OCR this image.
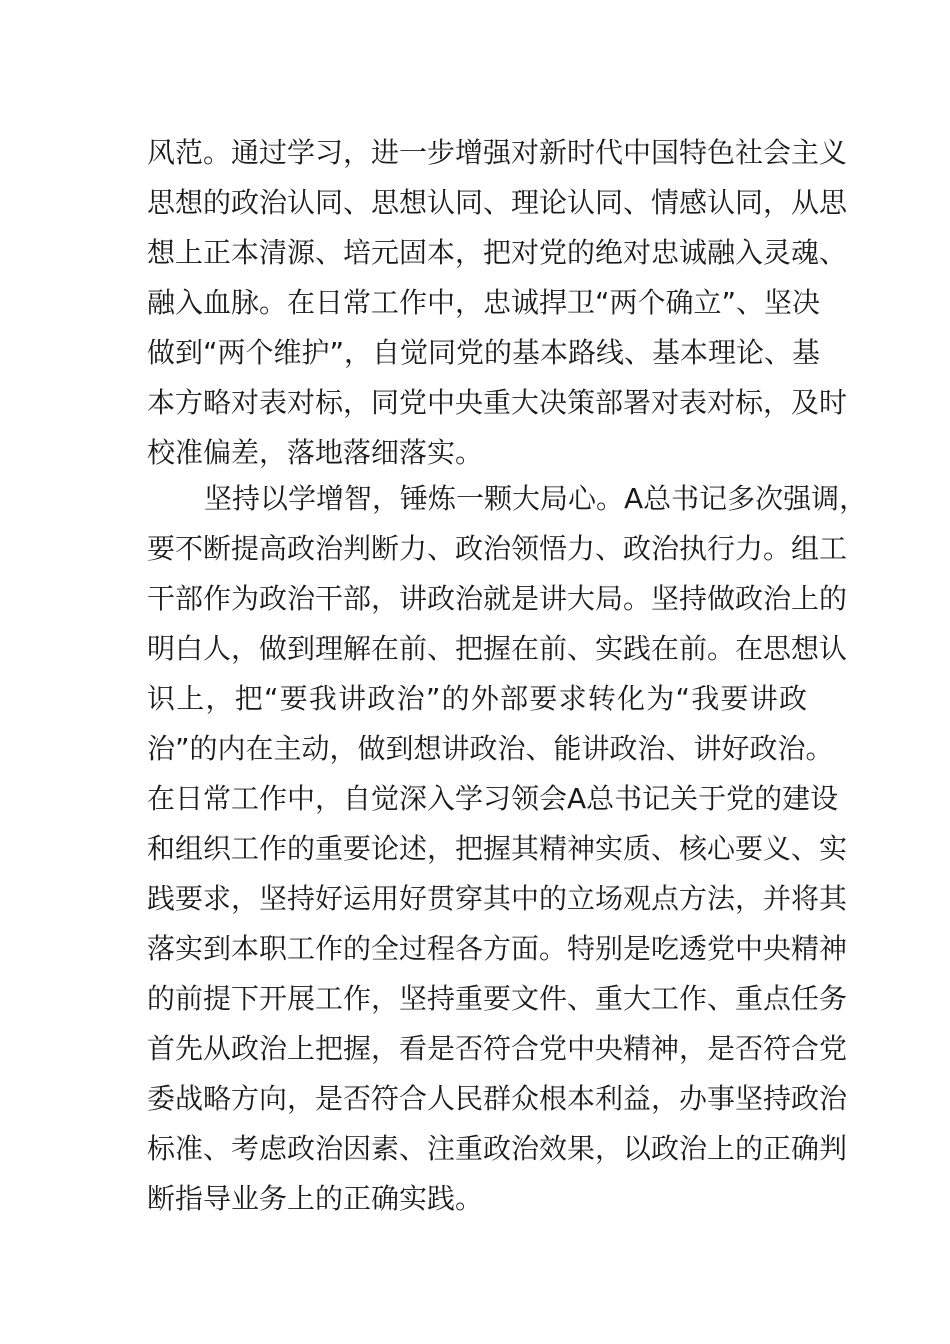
风范。通过学习，进一步增强对新时代中国特色社会主义
思想的政治认同、思想认同、理论认同、情感认同，从思
想上正本清源、培元固本，把对党的绝对忠诚融入灵魂、
融入血脉。在日常工作中，忠诚捍卫“两个确立”、坚决
做到“两个维护”，自觉同党的基本路线、基本理论、基
本方略对表对标，同党中央重大决策部署对表对标，及时
校准偏差，落地落细落实。
坚持以学增智，锤炼一颗大局心。A总书记多次强调，
要不断提高政治判断力、政治领悟力、政治执行力。组工
干部作为政治干部，讲政治就是讲大局。坚持做政治上的
明白人，做到理解在前、把握在前、实践在前。在思想认
识上，把“要我讲政治”的外部要求转化为“我要讲政
治”的内在主动，做到想讲政治、能讲政治、讲好政治。
在日常工作中，自觉深入学习领会A总书记关于党的建设
和组织工作的重要论述，把握其精神实质、核心要义、实
践要求，坚持好运用好贯穿其中的立场观点方法，并将其
落实到本职工作的全过程各方面。特别是吃透党中央精神
的前提下开展工作，坚持重要文件、重大工作、重点任务
首先从政治上把握，看是否符合党中央精神，是否符合党
委战略方向，是否符合人民群众根本利益，办事坚持政治
标准、考虑政治因素、注重政治效果，以政治上的正确判
断指导业务上的正确实践。
